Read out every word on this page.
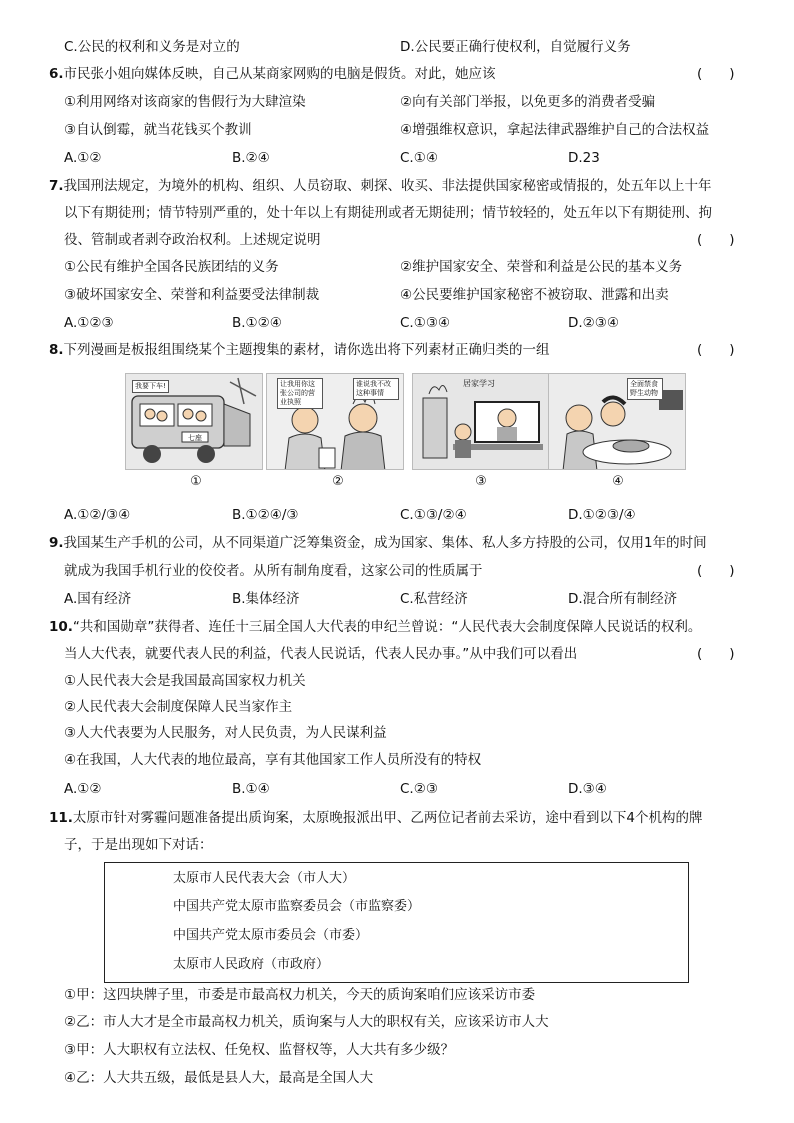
C.公民的权利和义务是对立的	D.公民要正确行使权利，自觉履行义务
6.市民张小姐向媒体反映，自己从某商家网购的电脑是假货。对此，她应该	(　　)
①利用网络对该商家的售假行为大肆渲染	②向有关部门举报，以免更多的消费者受骗
③自认倒霉，就当花钱买个教训	④增强维权意识，拿起法律武器维护自己的合法权益
A.①②	B.②④	C.①④	D.23
7.我国刑法规定，为境外的机构、组织、人员窃取、刺探、收买、非法提供国家秘密或情报的，处五年以上十年
以下有期徒刑；情节特别严重的，处十年以上有期徒刑或者无期徒刑；情节较轻的，处五年以下有期徒刑、拘
役、管制或者剥夺政治权利。上述规定说明	(　　)
①公民有维护全国各民族团结的义务	②维护国家安全、荣誉和利益是公民的基本义务
③破坏国家安全、荣誉和利益要受法律制裁	④公民要维护国家秘密不被窃取、泄露和出卖
A.①②③	B.①②④	C.①③④	D.②③④
8.下列漫画是板报组围绕某个主题搜集的素材，请你选出将下列素材正确归类的一组	(　　)
七座
我要下车!	让我用你这张公司的营业执照
谁说我不改这种事情
居家学习	全面禁食野生动物
①	②	③	④
A.①②/③④	B.①②④/③	C.①③/②④	D.①②③/④
9.我国某生产手机的公司，从不同渠道广泛筹集资金，成为国家、集体、私人多方持股的公司，仅用1年的时间
就成为我国手机行业的佼佼者。从所有制角度看，这家公司的性质属于	(　　)
A.国有经济	B.集体经济	C.私营经济	D.混合所有制经济
10.“共和国勋章”获得者、连任十三届全国人大代表的申纪兰曾说：“人民代表大会制度保障人民说话的权利。
当人大代表，就要代表人民的利益，代表人民说话，代表人民办事。”从中我们可以看出	(　　)
①人民代表大会是我国最高国家权力机关
②人民代表大会制度保障人民当家作主
③人大代表要为人民服务，对人民负责，为人民谋利益
④在我国，人大代表的地位最高，享有其他国家工作人员所没有的特权
A.①②	B.①④	C.②③	D.③④
11.太原市针对雾霾问题准备提出质询案，太原晚报派出甲、乙两位记者前去采访，途中看到以下4个机构的牌
子，于是出现如下对话：
太原市人民代表大会（市人大）
中国共产党太原市监察委员会（市监察委）
中国共产党太原市委员会（市委）
太原市人民政府（市政府）
①甲：这四块牌子里，市委是市最高权力机关，今天的质询案咱们应该采访市委
②乙：市人大才是全市最高权力机关，质询案与人大的职权有关，应该采访市人大
③甲：人大职权有立法权、任免权、监督权等，人大共有多少级？
④乙：人大共五级，最低是县人大，最高是全国人大
